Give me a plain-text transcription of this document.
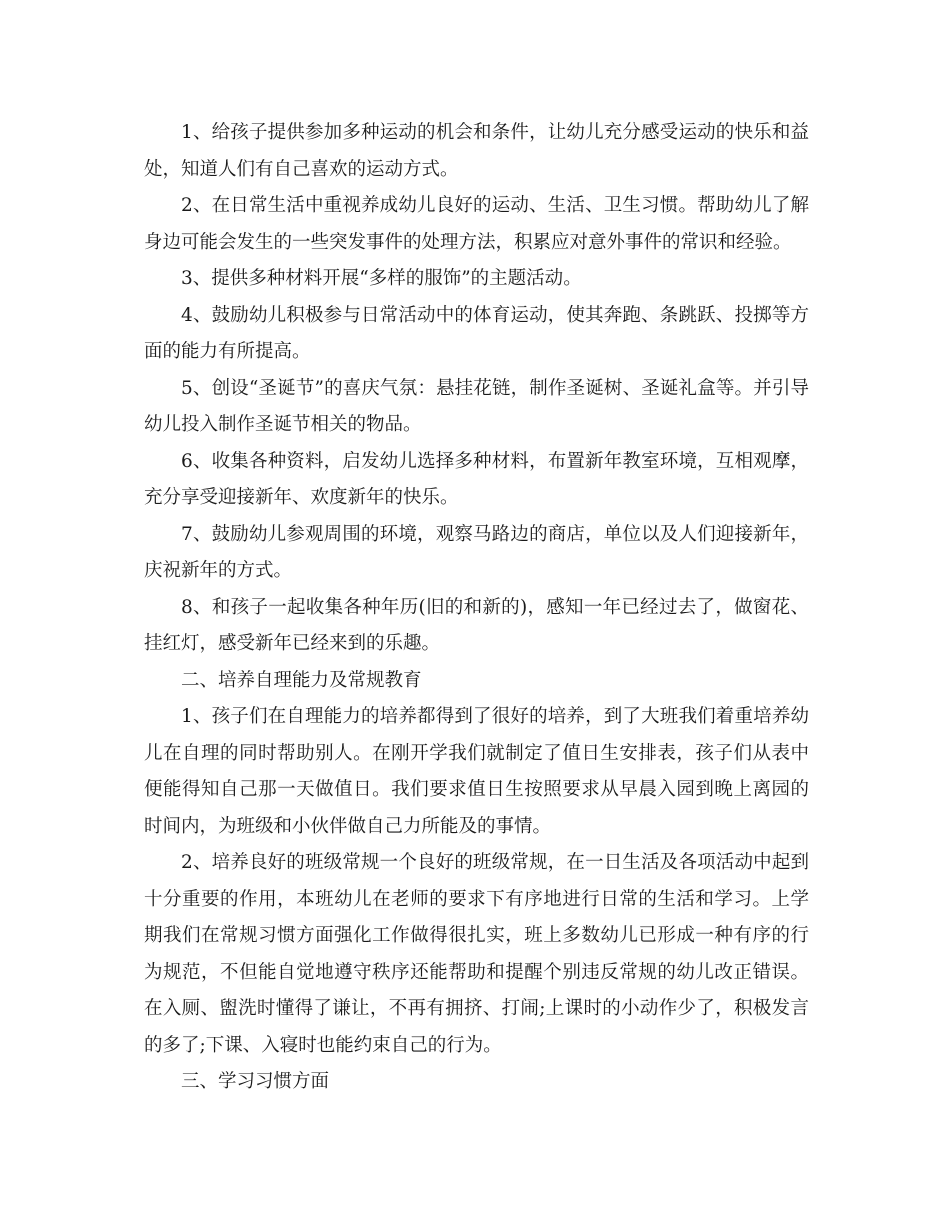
1、给孩子提供参加多种运动的机会和条件，让幼儿充分感受运动的快乐和益处，知道人们有自己喜欢的运动方式。

2、在日常生活中重视养成幼儿良好的运动、生活、卫生习惯。帮助幼儿了解身边可能会发生的一些突发事件的处理方法，积累应对意外事件的常识和经验。

3、提供多种材料开展“多样的服饰”的主题活动。

4、鼓励幼儿积极参与日常活动中的体育运动，使其奔跑、条跳跃、投掷等方面的能力有所提高。

5、创设“圣诞节”的喜庆气氛：悬挂花链，制作圣诞树、圣诞礼盒等。并引导幼儿投入制作圣诞节相关的物品。

6、收集各种资料，启发幼儿选择多种材料，布置新年教室环境，互相观摩，充分享受迎接新年、欢度新年的快乐。

7、鼓励幼儿参观周围的环境，观察马路边的商店，单位以及人们迎接新年，庆祝新年的方式。

8、和孩子一起收集各种年历(旧的和新的)，感知一年已经过去了，做窗花、挂红灯，感受新年已经来到的乐趣。

二、培养自理能力及常规教育

1、孩子们在自理能力的培养都得到了很好的培养，到了大班我们着重培养幼儿在自理的同时帮助别人。在刚开学我们就制定了值日生安排表，孩子们从表中便能得知自己那一天做值日。我们要求值日生按照要求从早晨入园到晚上离园的时间内，为班级和小伙伴做自己力所能及的事情。

2、培养良好的班级常规一个良好的班级常规，在一日生活及各项活动中起到十分重要的作用，本班幼儿在老师的要求下有序地进行日常的生活和学习。上学期我们在常规习惯方面强化工作做得很扎实，班上多数幼儿已形成一种有序的行为规范，不但能自觉地遵守秩序还能帮助和提醒个别违反常规的幼儿改正错误。在入厕、盥洗时懂得了谦让，不再有拥挤、打闹;上课时的小动作少了，积极发言的多了;下课、入寝时也能约束自己的行为。

三、学习习惯方面
